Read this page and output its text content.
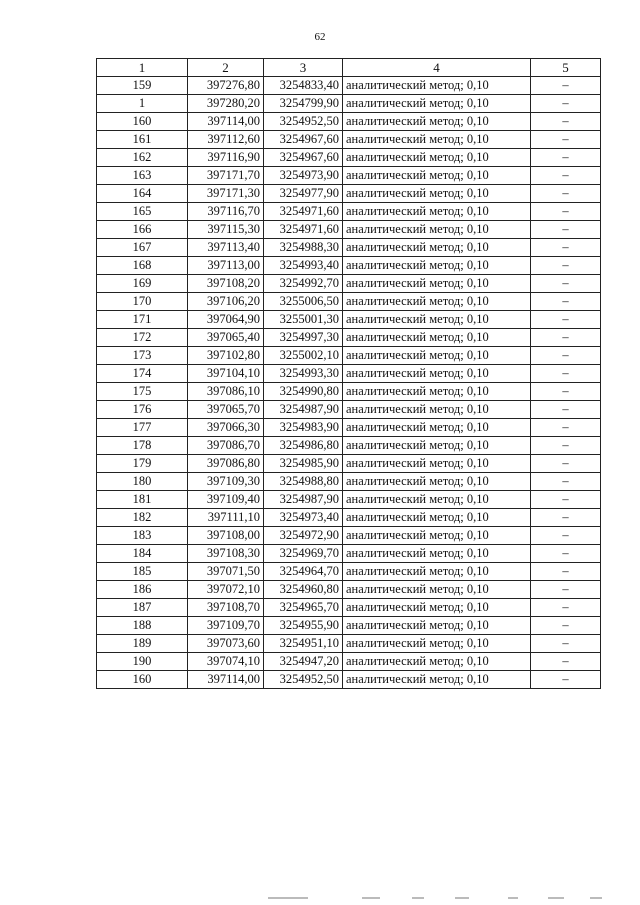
62
1	2	3	4	5
159	397276,80	3254833,40	аналитический метод; 0,10	–
1	397280,20	3254799,90	аналитический метод; 0,10	–
160	397114,00	3254952,50	аналитический метод; 0,10	–
161	397112,60	3254967,60	аналитический метод; 0,10	–
162	397116,90	3254967,60	аналитический метод; 0,10	–
163	397171,70	3254973,90	аналитический метод; 0,10	–
164	397171,30	3254977,90	аналитический метод; 0,10	–
165	397116,70	3254971,60	аналитический метод; 0,10	–
166	397115,30	3254971,60	аналитический метод; 0,10	–
167	397113,40	3254988,30	аналитический метод; 0,10	–
168	397113,00	3254993,40	аналитический метод; 0,10	–
169	397108,20	3254992,70	аналитический метод; 0,10	–
170	397106,20	3255006,50	аналитический метод; 0,10	–
171	397064,90	3255001,30	аналитический метод; 0,10	–
172	397065,40	3254997,30	аналитический метод; 0,10	–
173	397102,80	3255002,10	аналитический метод; 0,10	–
174	397104,10	3254993,30	аналитический метод; 0,10	–
175	397086,10	3254990,80	аналитический метод; 0,10	–
176	397065,70	3254987,90	аналитический метод; 0,10	–
177	397066,30	3254983,90	аналитический метод; 0,10	–
178	397086,70	3254986,80	аналитический метод; 0,10	–
179	397086,80	3254985,90	аналитический метод; 0,10	–
180	397109,30	3254988,80	аналитический метод; 0,10	–
181	397109,40	3254987,90	аналитический метод; 0,10	–
182	397111,10	3254973,40	аналитический метод; 0,10	–
183	397108,00	3254972,90	аналитический метод; 0,10	–
184	397108,30	3254969,70	аналитический метод; 0,10	–
185	397071,50	3254964,70	аналитический метод; 0,10	–
186	397072,10	3254960,80	аналитический метод; 0,10	–
187	397108,70	3254965,70	аналитический метод; 0,10	–
188	397109,70	3254955,90	аналитический метод; 0,10	–
189	397073,60	3254951,10	аналитический метод; 0,10	–
190	397074,10	3254947,20	аналитический метод; 0,10	–
160	397114,00	3254952,50	аналитический метод; 0,10	–
